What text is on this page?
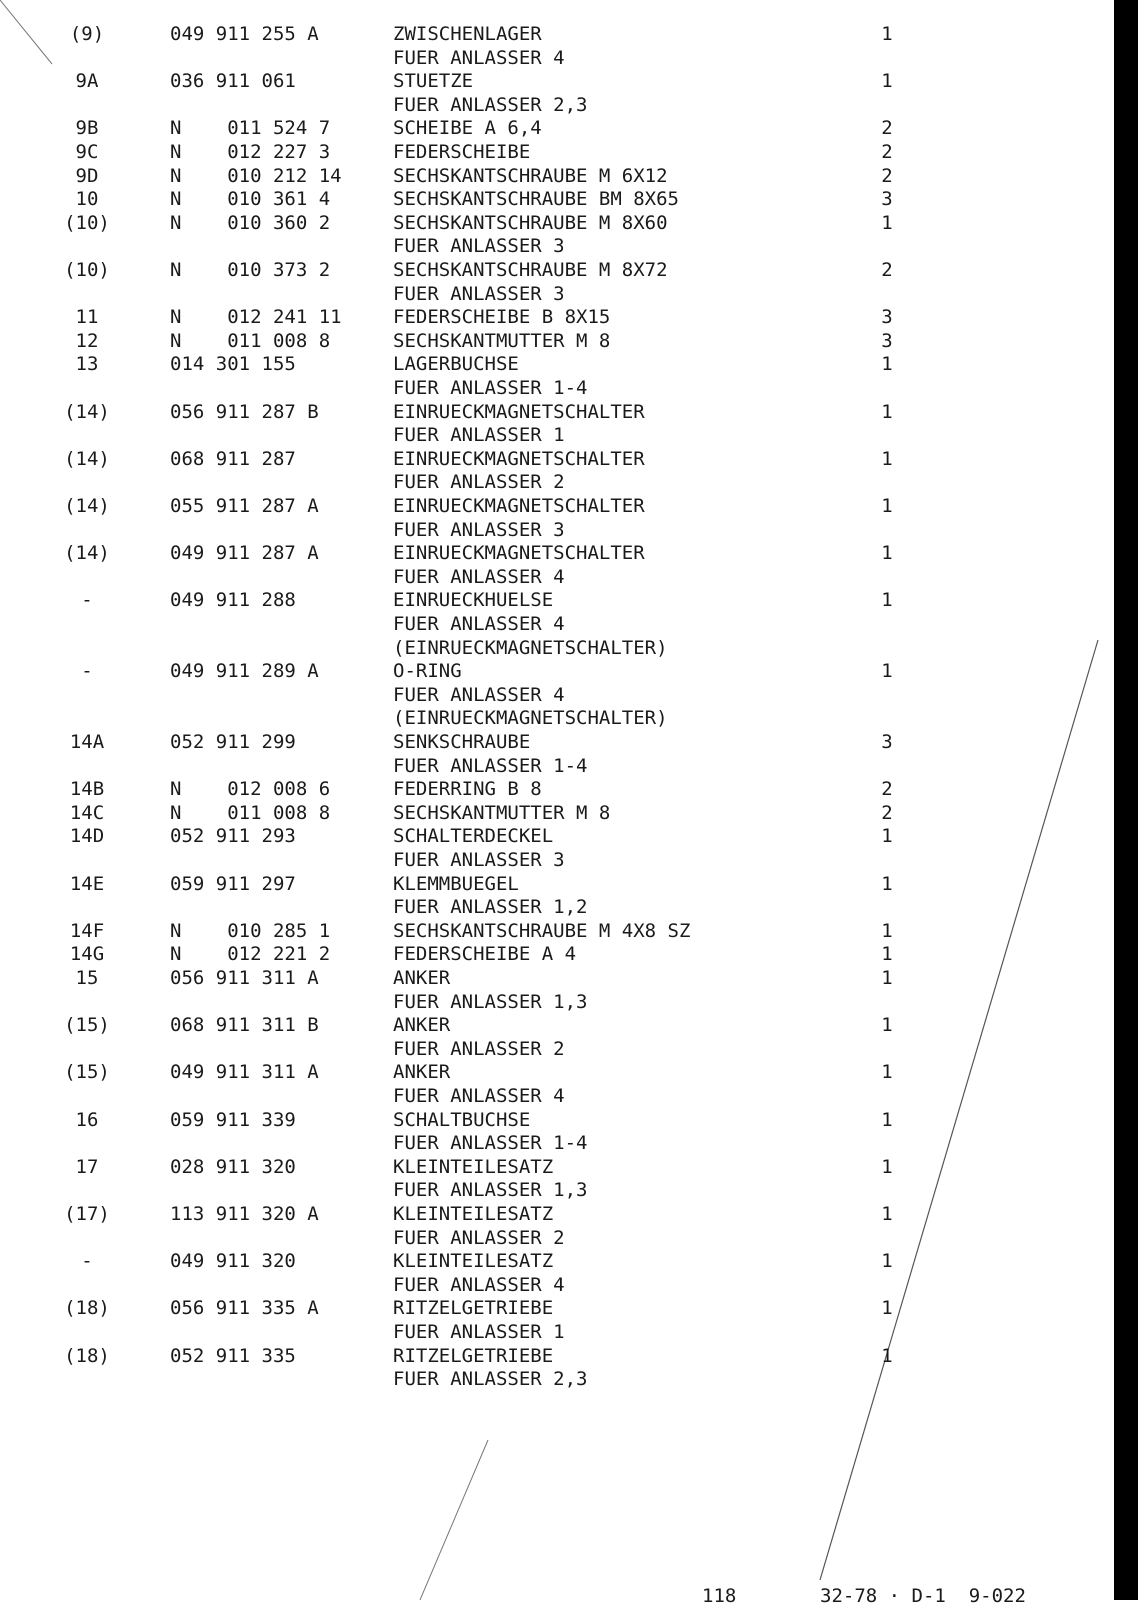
(9)	049 911 255 A	ZWISCHENLAGER	1
FUER ANLASSER 4
9A	036 911 061	STUETZE	1
FUER ANLASSER 2,3
9B	N    011 524 7	SCHEIBE A 6,4	2
9C	N    012 227 3	FEDERSCHEIBE	2
9D	N    010 212 14	SECHSKANTSCHRAUBE M 6X12	2
10	N    010 361 4	SECHSKANTSCHRAUBE BM 8X65	3
(10)	N    010 360 2	SECHSKANTSCHRAUBE M 8X60	1
FUER ANLASSER 3
(10)	N    010 373 2	SECHSKANTSCHRAUBE M 8X72	2
FUER ANLASSER 3
11	N    012 241 11	FEDERSCHEIBE B 8X15	3
12	N    011 008 8	SECHSKANTMUTTER M 8	3
13	014 301 155	LAGERBUCHSE	1
FUER ANLASSER 1-4
(14)	056 911 287 B	EINRUECKMAGNETSCHALTER	1
FUER ANLASSER 1
(14)	068 911 287	EINRUECKMAGNETSCHALTER	1
FUER ANLASSER 2
(14)	055 911 287 A	EINRUECKMAGNETSCHALTER	1
FUER ANLASSER 3
(14)	049 911 287 A	EINRUECKMAGNETSCHALTER	1
FUER ANLASSER 4
-	049 911 288	EINRUECKHUELSE	1
FUER ANLASSER 4
(EINRUECKMAGNETSCHALTER)
-	049 911 289 A	O-RING	1
FUER ANLASSER 4
(EINRUECKMAGNETSCHALTER)
14A	052 911 299	SENKSCHRAUBE	3
FUER ANLASSER 1-4
14B	N    012 008 6	FEDERRING B 8	2
14C	N    011 008 8	SECHSKANTMUTTER M 8	2
14D	052 911 293	SCHALTERDECKEL	1
FUER ANLASSER 3
14E	059 911 297	KLEMMBUEGEL	1
FUER ANLASSER 1,2
14F	N    010 285 1	SECHSKANTSCHRAUBE M 4X8 SZ	1
14G	N    012 221 2	FEDERSCHEIBE A 4	1
15	056 911 311 A	ANKER	1
FUER ANLASSER 1,3
(15)	068 911 311 B	ANKER	1
FUER ANLASSER 2
(15)	049 911 311 A	ANKER	1
FUER ANLASSER 4
16	059 911 339	SCHALTBUCHSE	1
FUER ANLASSER 1-4
17	028 911 320	KLEINTEILESATZ	1
FUER ANLASSER 1,3
(17)	113 911 320 A	KLEINTEILESATZ	1
FUER ANLASSER 2
-	049 911 320	KLEINTEILESATZ	1
FUER ANLASSER 4
(18)	056 911 335 A	RITZELGETRIEBE	1
FUER ANLASSER 1
(18)	052 911 335	RITZELGETRIEBE	1
FUER ANLASSER 2,3
118	32-78 · D-1  9-022
